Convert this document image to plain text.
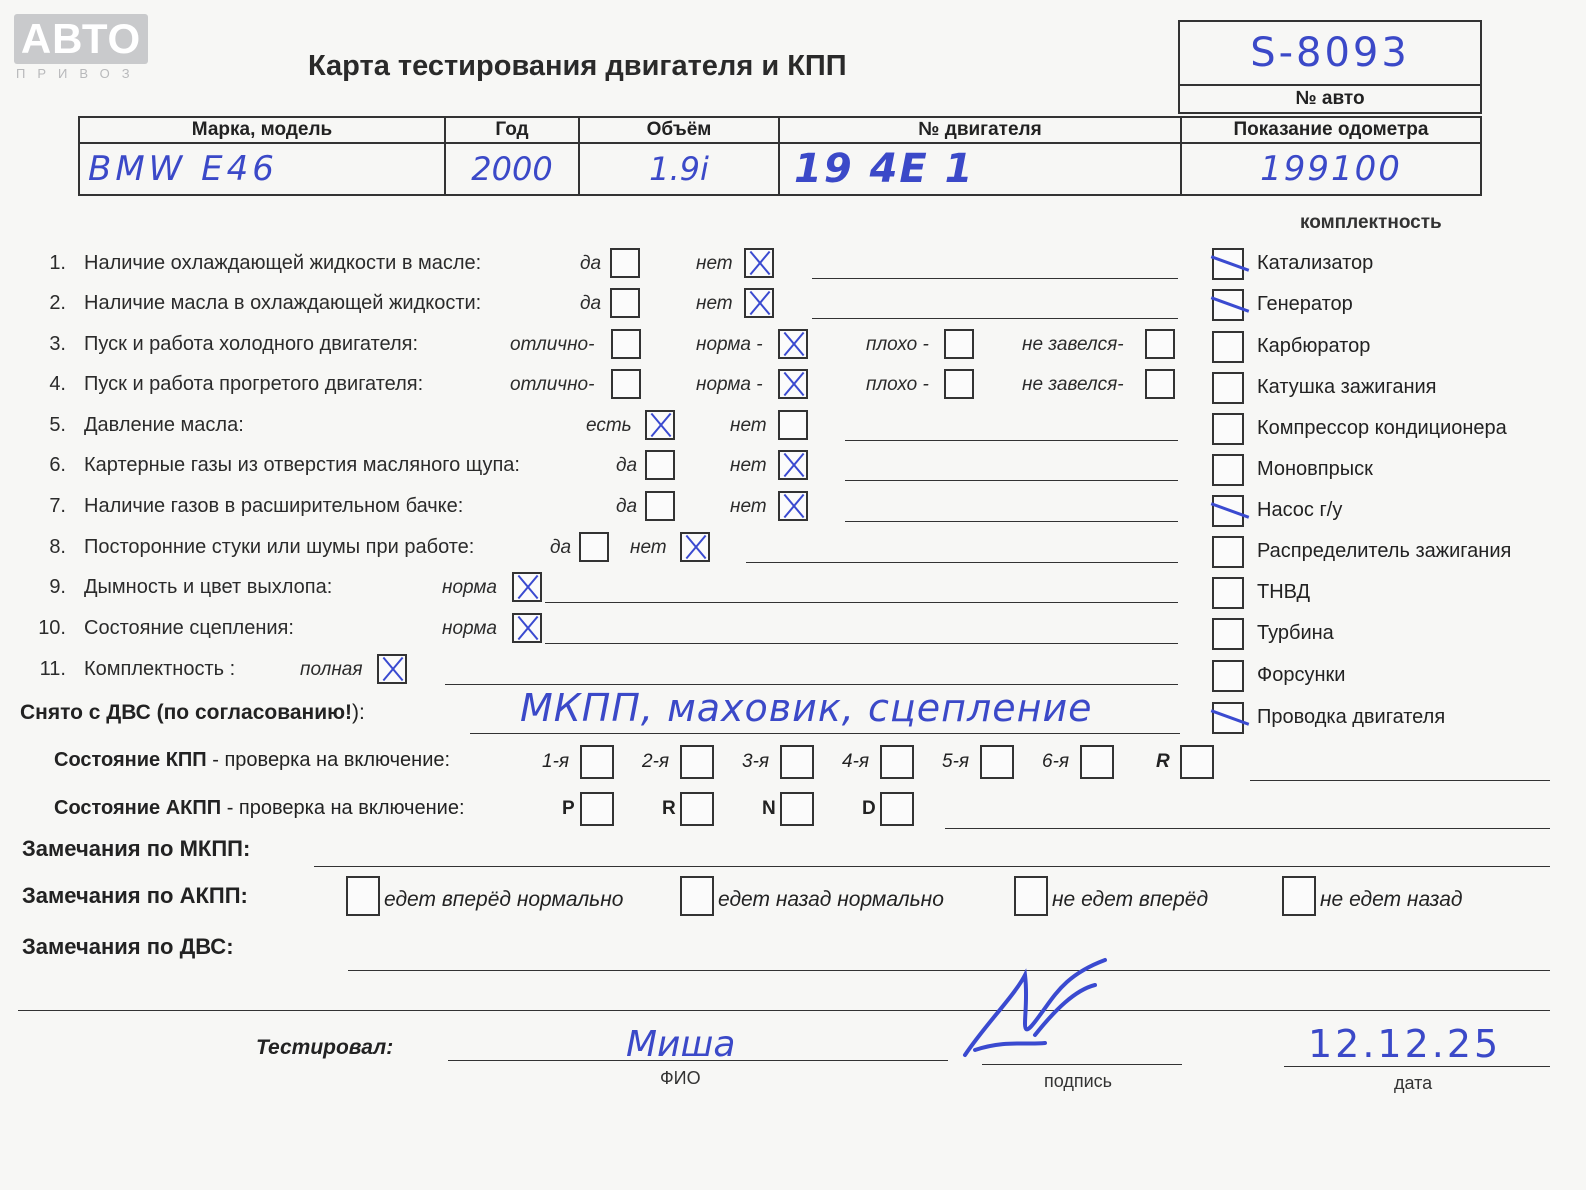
АВТО
ПРИВОЗ	Карта тестирования двигателя и КПП	S-8093
№ авто
Марка, модель	Год	Объём	№ двигателя	Показание одометра
BMW E46	2000	1.9i	19 4E 1	199100
комплектность
1. Наличие охлаждающей жидкости в масле:	да	нет
2. Наличие масла в охлаждающей жидкости:	да	нет
3. Пуск и работа холодного двигателя:	отлично-	норма -	плохо -	не завелся-
4. Пуск и работа прогретого двигателя:	отлично-	норма -	плохо -	не завелся-
5. Давление масла:	есть	нет
6. Картерные газы из отверстия масляного щупа:	да	нет
7. Наличие газов в расширительном бачке:	да	нет
8. Посторонние стуки или шумы при работе:	да	нет
9. Дымность и цвет выхлопа:	норма
10. Состояние сцепления:	норма
11. Комплектность :	полная
Катализатор
Генератор
Карбюратор
Катушка зажигания
Компрессор кондиционера
Моновпрыск
Насос г/у
Распределитель зажигания
ТНВД
Турбина
Форсунки
Проводка двигателя
Снято с ДВС (по согласованию!):	МКПП, маховик, сцепление
Состояние КПП - проверка на включение:	1-я	2-я	3-я	4-я	5-я	6-я	R
Состояние АКПП - проверка на включение:	P	R	N	D
Замечания по МКПП:
Замечания по АКПП:	едет вперёд нормально	едет назад нормально	не едет вперёд	не едет назад
Замечания по ДВС:
Тестировал:	Миша
ФИО	подпись
12.12.25
дата
